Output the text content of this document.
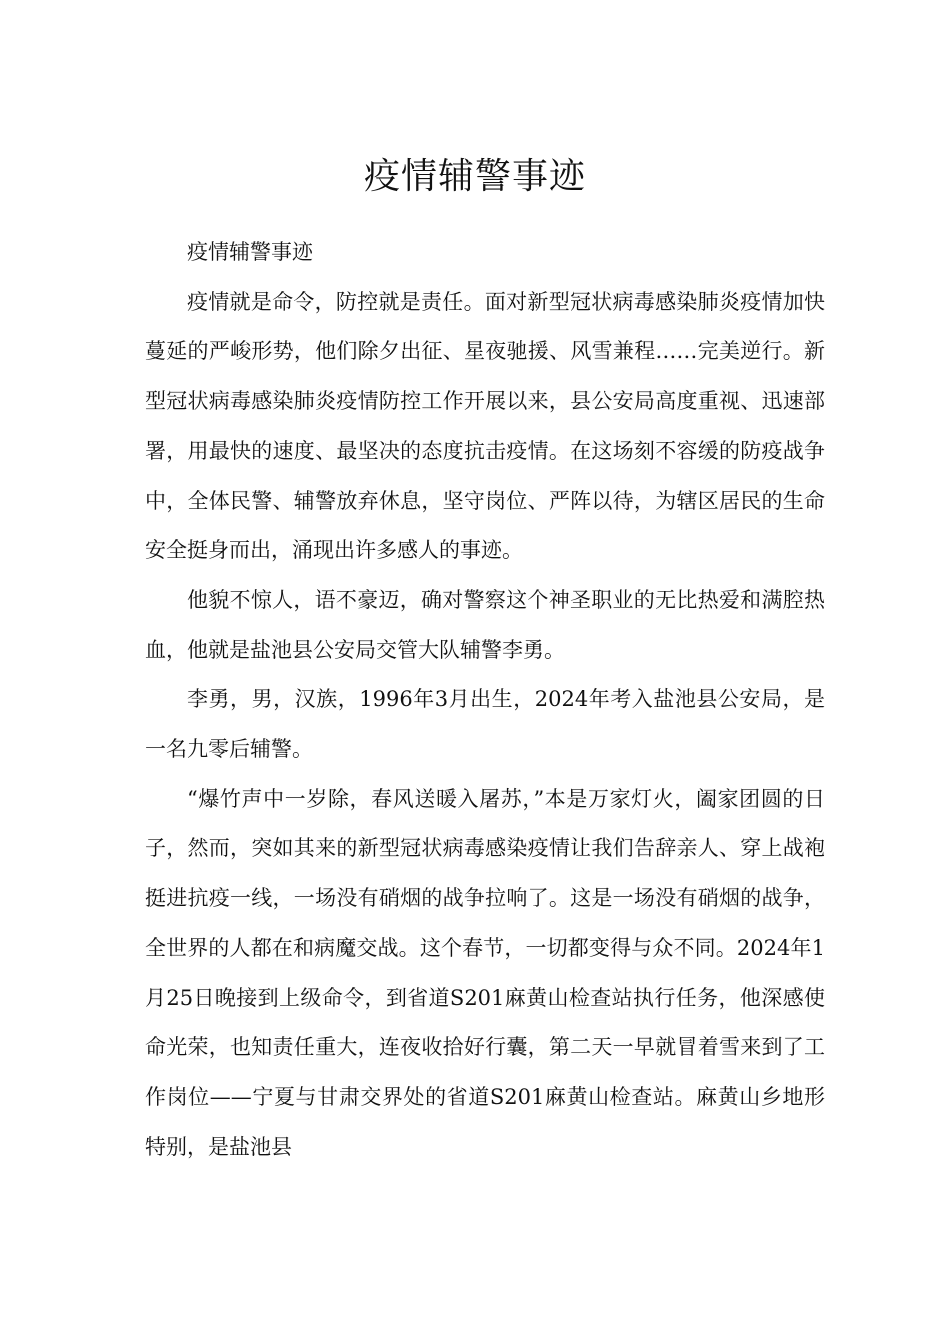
疫情辅警事迹

疫情辅警事迹

疫情就是命令，防控就是责任。面对新型冠状病毒感染肺炎疫情加快蔓延的严峻形势，他们除夕出征、星夜驰援、风雪兼程……完美逆行。新型冠状病毒感染肺炎疫情防控工作开展以来，县公安局高度重视、迅速部署，用最快的速度、最坚决的态度抗击疫情。在这场刻不容缓的防疫战争中，全体民警、辅警放弃休息，坚守岗位、严阵以待，为辖区居民的生命安全挺身而出，涌现出许多感人的事迹。

他貌不惊人，语不豪迈，确对警察这个神圣职业的无比热爱和满腔热血，他就是盐池县公安局交管大队辅警李勇。

李勇，男，汉族，1996年3月出生，2024年考入盐池县公安局，是一名九零后辅警。

“爆竹声中一岁除，春风送暖入屠苏，”本是万家灯火，阖家团圆的日子，然而，突如其来的新型冠状病毒感染疫情让我们告辞亲人、穿上战袍挺进抗疫一线，一场没有硝烟的战争拉响了。这是一场没有硝烟的战争，全世界的人都在和病魔交战。这个春节，一切都变得与众不同。2024年1月25日晚接到上级命令，到省道S201麻黄山检查站执行任务，他深感使命光荣，也知责任重大，连夜收拾好行囊，第二天一早就冒着雪来到了工作岗位——宁夏与甘肃交界处的省道S201麻黄山检查站。麻黄山乡地形特别，是盐池县
